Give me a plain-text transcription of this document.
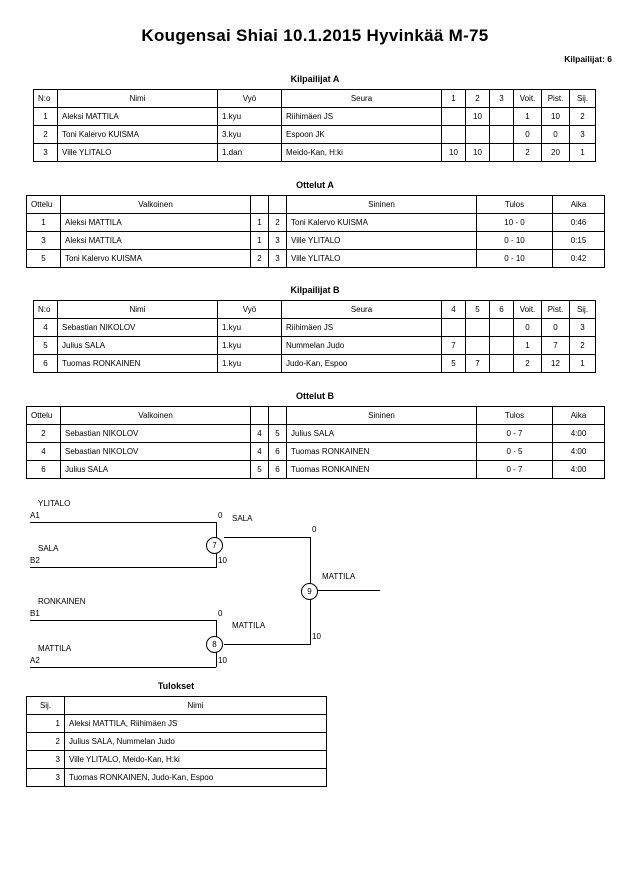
Kougensai Shiai 10.1.2015 Hyvinkää M-75
Kilpailijat: 6
Kilpailijat A
N:o	Nimi	Vyö	Seura	1	2	3	Voit.	Pist.	Sij.
1	Aleksi MATTILA	1.kyu	Riihimäen JS		10		1	10	2
2	Toni Kalervo KUISMA	3.kyu	Espoon JK				0	0	3
3	Ville YLITALO	1.dan	Meido-Kan, H:ki	10	10		2	20	1
Ottelut A
Ottelu	Valkoinen			Sininen	Tulos	Aika
1	Aleksi MATTILA	1	2	Toni Kalervo KUISMA	10 - 0	0:46
3	Aleksi MATTILA	1	3	Ville YLITALO	0 - 10	0:15
5	Toni Kalervo KUISMA	2	3	Ville YLITALO	0 - 10	0:42
Kilpailijat B
N:o	Nimi	Vyö	Seura	4	5	6	Voit.	Pist.	Sij.
4	Sebastian NIKOLOV	1.kyu	Riihimäen JS				0	0	3
5	Julius SALA	1.kyu	Nummelan Judo	7			1	7	2
6	Tuomas RONKAINEN	1.kyu	Judo-Kan, Espoo	5	7		2	12	1
Ottelut B
Ottelu	Valkoinen			Sininen	Tulos	Aika
2	Sebastian NIKOLOV	4	5	Julius SALA	0 - 7	4:00
4	Sebastian NIKOLOV	4	6	Tuomas RONKAINEN	0 - 5	4:00
6	Julius SALA	5	6	Tuomas RONKAINEN	0 - 7	4:00
YLITALO
A1	0
SALA
B2	10
7
SALA
0
RONKAINEN
B1	0
MATTILA
A2	10
8
MATTILA
10
9
MATTILA
Tulokset
Sij.	Nimi
1	Aleksi MATTILA, Riihimäen JS
2	Julius SALA, Nummelan Judo
3	Ville YLITALO, Meido-Kan, H:ki
3	Tuomas RONKAINEN, Judo-Kan, Espoo
